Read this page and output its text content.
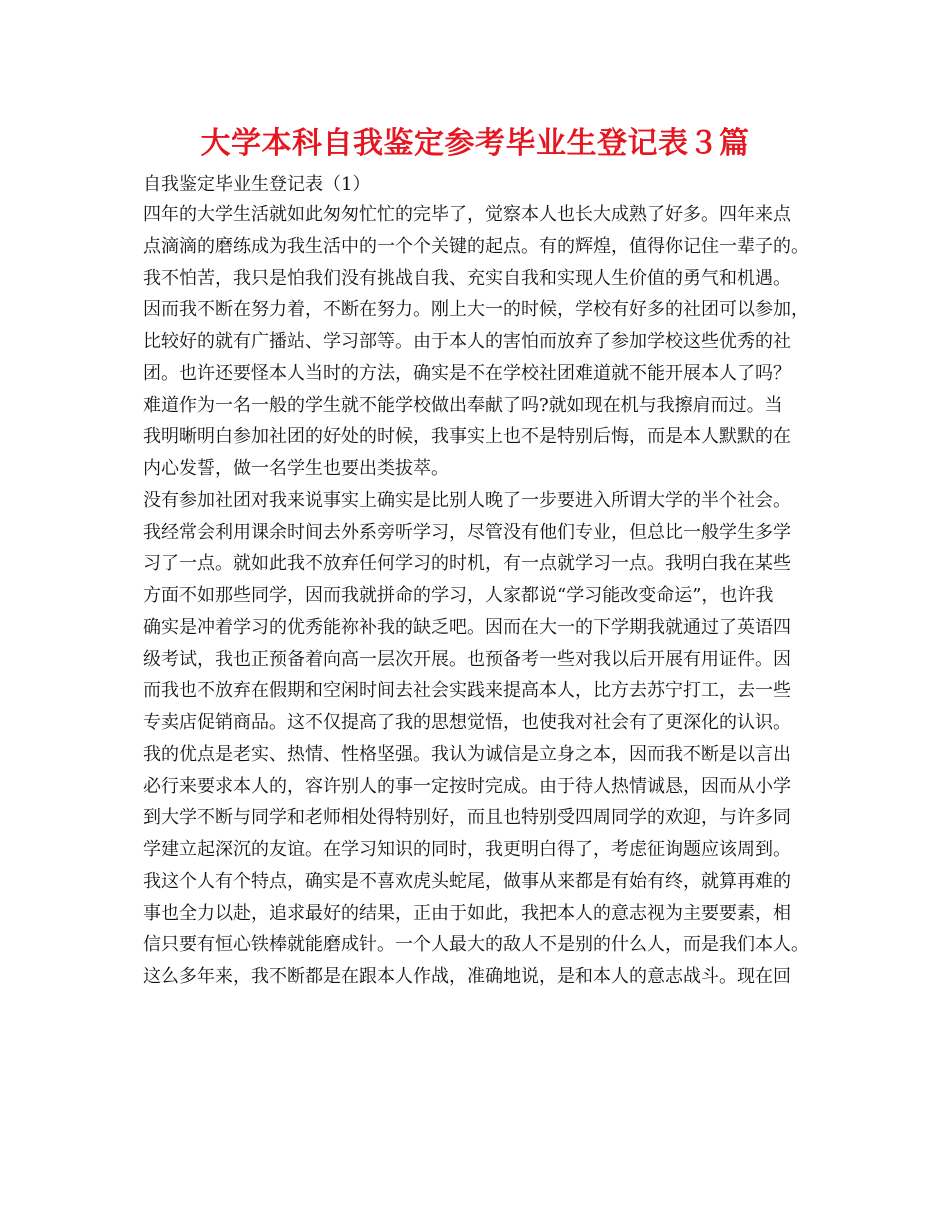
大学本科自我鉴定参考毕业生登记表３篇
自我鉴定毕业生登记表（1）
四年的大学生活就如此匆匆忙忙的完毕了，觉察本人也长大成熟了好多。四年来点
点滴滴的磨练成为我生活中的一个个关键的起点。有的辉煌，值得你记住一辈子的。
我不怕苦，我只是怕我们没有挑战自我、充实自我和实现人生价值的勇气和机遇。
因而我不断在努力着，不断在努力。刚上大一的时候，学校有好多的社团可以参加，
比较好的就有广播站、学习部等。由于本人的害怕而放弃了参加学校这些优秀的社
团。也许还要怪本人当时的方法，确实是不在学校社团难道就不能开展本人了吗？
难道作为一名一般的学生就不能学校做出奉献了吗?就如现在机与我擦肩而过。当
我明晰明白参加社团的好处的时候，我事实上也不是特别后悔，而是本人默默的在
内心发誓，做一名学生也要出类拔萃。
没有参加社团对我来说事实上确实是比别人晚了一步要进入所谓大学的半个社会。
我经常会利用课余时间去外系旁听学习，尽管没有他们专业，但总比一般学生多学
习了一点。就如此我不放弃任何学习的时机，有一点就学习一点。我明白我在某些
方面不如那些同学，因而我就拼命的学习，人家都说“学习能改变命运”，也许我
确实是冲着学习的优秀能祢补我的缺乏吧。因而在大一的下学期我就通过了英语四
级考试，我也正预备着向高一层次开展。也预备考一些对我以后开展有用证件。因
而我也不放弃在假期和空闲时间去社会实践来提高本人，比方去苏宁打工，去一些
专卖店促销商品。这不仅提高了我的思想觉悟，也使我对社会有了更深化的认识。
我的优点是老实、热情、性格坚强。我认为诚信是立身之本，因而我不断是以言出
必行来要求本人的，容许别人的事一定按时完成。由于待人热情诚恳，因而从小学
到大学不断与同学和老师相处得特别好，而且也特别受四周同学的欢迎，与许多同
学建立起深沉的友谊。在学习知识的同时，我更明白得了，考虑征询题应该周到。
我这个人有个特点，确实是不喜欢虎头蛇尾，做事从来都是有始有终，就算再难的
事也全力以赴，追求最好的结果，正由于如此，我把本人的意志视为主要要素，相
信只要有恒心铁棒就能磨成针。一个人最大的敌人不是别的什么人，而是我们本人。
这么多年来，我不断都是在跟本人作战，准确地说，是和本人的意志战斗。现在回
